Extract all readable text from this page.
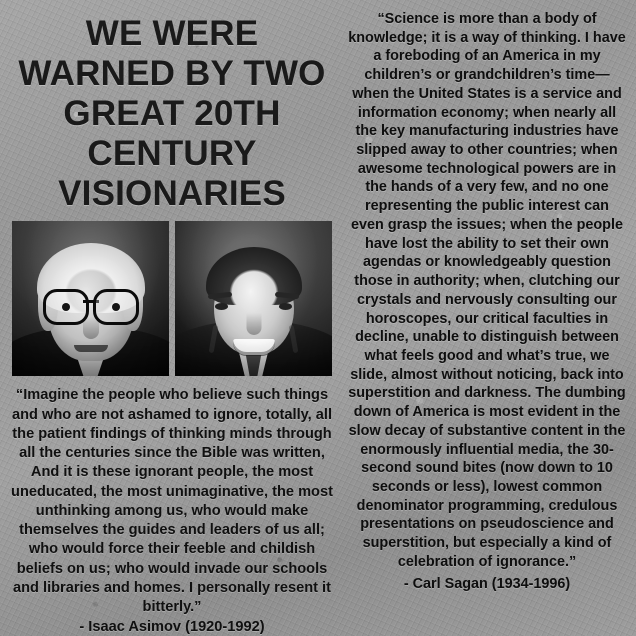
WE WERE WARNED BY TWO GREAT 20TH CENTURY VISIONARIES
“Imagine the people who believe such things and who are not ashamed to ignore, totally, all the patient findings of thinking minds through all the centuries since the Bible was written, And it is these ignorant people, the most uneducated, the most unimaginative, the most unthinking among us, who would make themselves the guides and leaders of us all; who would force their feeble and childish beliefs on us; who would invade our schools and libraries and homes. I personally resent it bitterly.”
- Isaac Asimov (1920-1992)
“Science is more than a body of knowledge; it is a way of thinking. I have a foreboding of an America in my children’s or grandchildren’s time—when the United States is a service and information economy; when nearly all the key manufacturing industries have slipped away to other countries; when awesome technological powers are in the hands of a very few, and no one representing the public interest can even grasp the issues; when the people have lost the ability to set their own agendas or knowledgeably question those in authority; when, clutching our crystals and nervously consulting our horoscopes, our critical faculties in decline, unable to distinguish between what feels good and what’s true, we slide, almost without noticing, back into superstition and darkness. The dumbing down of America is most evident in the slow decay of substantive content in the enormously influential media, the 30-second sound bites (now down to 10 seconds or less), lowest common denominator programming, credulous presentations on pseudoscience and superstition, but especially a kind of celebration of ignorance.”
- Carl Sagan (1934-1996)
